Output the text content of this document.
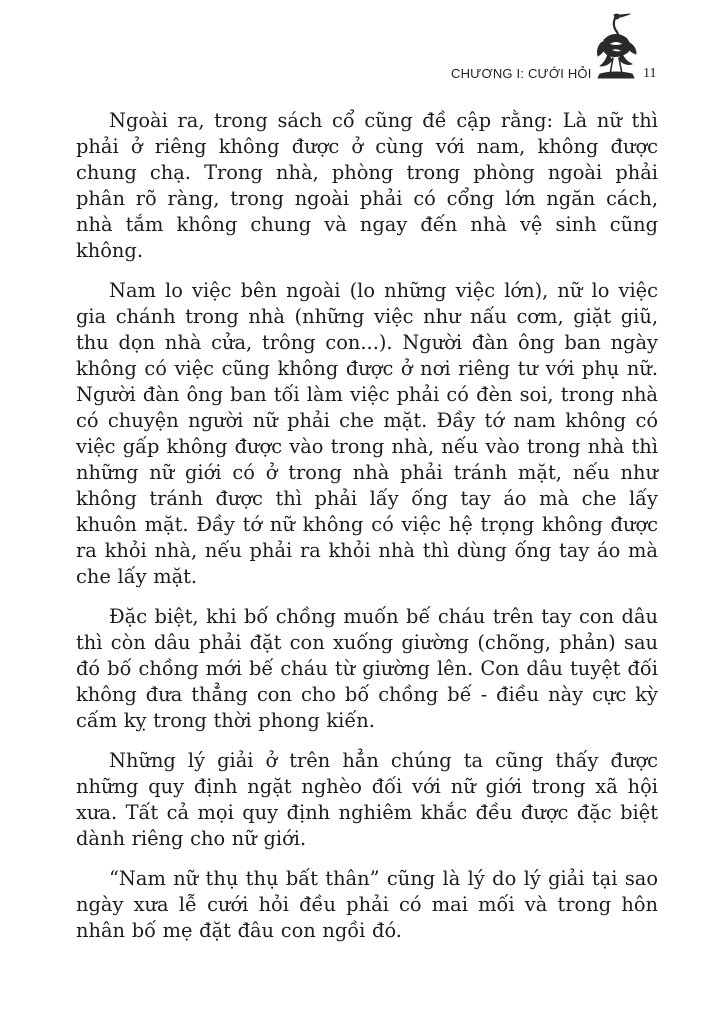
CHƯƠNG I: CƯỚI HỎI	11

Ngoài ra, trong sách cổ cũng đề cập rằng: Là nữ thì phải ở riêng không được ở cùng với nam, không được chung chạ. Trong nhà, phòng trong phòng ngoài phải phân rõ ràng, trong ngoài phải có cổng lớn ngăn cách, nhà tắm không chung và ngay đến nhà vệ sinh cũng không.

Nam lo việc bên ngoài (lo những việc lớn), nữ lo việc gia chánh trong nhà (những việc như nấu cơm, giặt giũ, thu dọn nhà cửa, trông con...). Người đàn ông ban ngày không có việc cũng không được ở nơi riêng tư với phụ nữ. Người đàn ông ban tối làm việc phải có đèn soi, trong nhà có chuyện người nữ phải che mặt. Đầy tớ nam không có việc gấp không được vào trong nhà, nếu vào trong nhà thì những nữ giới có ở trong nhà phải tránh mặt, nếu như không tránh được thì phải lấy ống tay áo mà che lấy khuôn mặt. Đầy tớ nữ không có việc hệ trọng không được ra khỏi nhà, nếu phải ra khỏi nhà thì dùng ống tay áo mà che lấy mặt.

Đặc biệt, khi bố chồng muốn bế cháu trên tay con dâu thì còn dâu phải đặt con xuống giường (chõng, phản) sau đó bố chồng mới bế cháu từ giường lên. Con dâu tuyệt đối không đưa thẳng con cho bố chồng bế - điều này cực kỳ cấm kỵ trong thời phong kiến.

Những lý giải ở trên hẳn chúng ta cũng thấy được những quy định ngặt nghèo đối với nữ giới trong xã hội xưa. Tất cả mọi quy định nghiêm khắc đều được đặc biệt dành riêng cho nữ giới.

“Nam nữ thụ thụ bất thân” cũng là lý do lý giải tại sao ngày xưa lễ cưới hỏi đều phải có mai mối và trong hôn nhân bố mẹ đặt đâu con ngồi đó.
